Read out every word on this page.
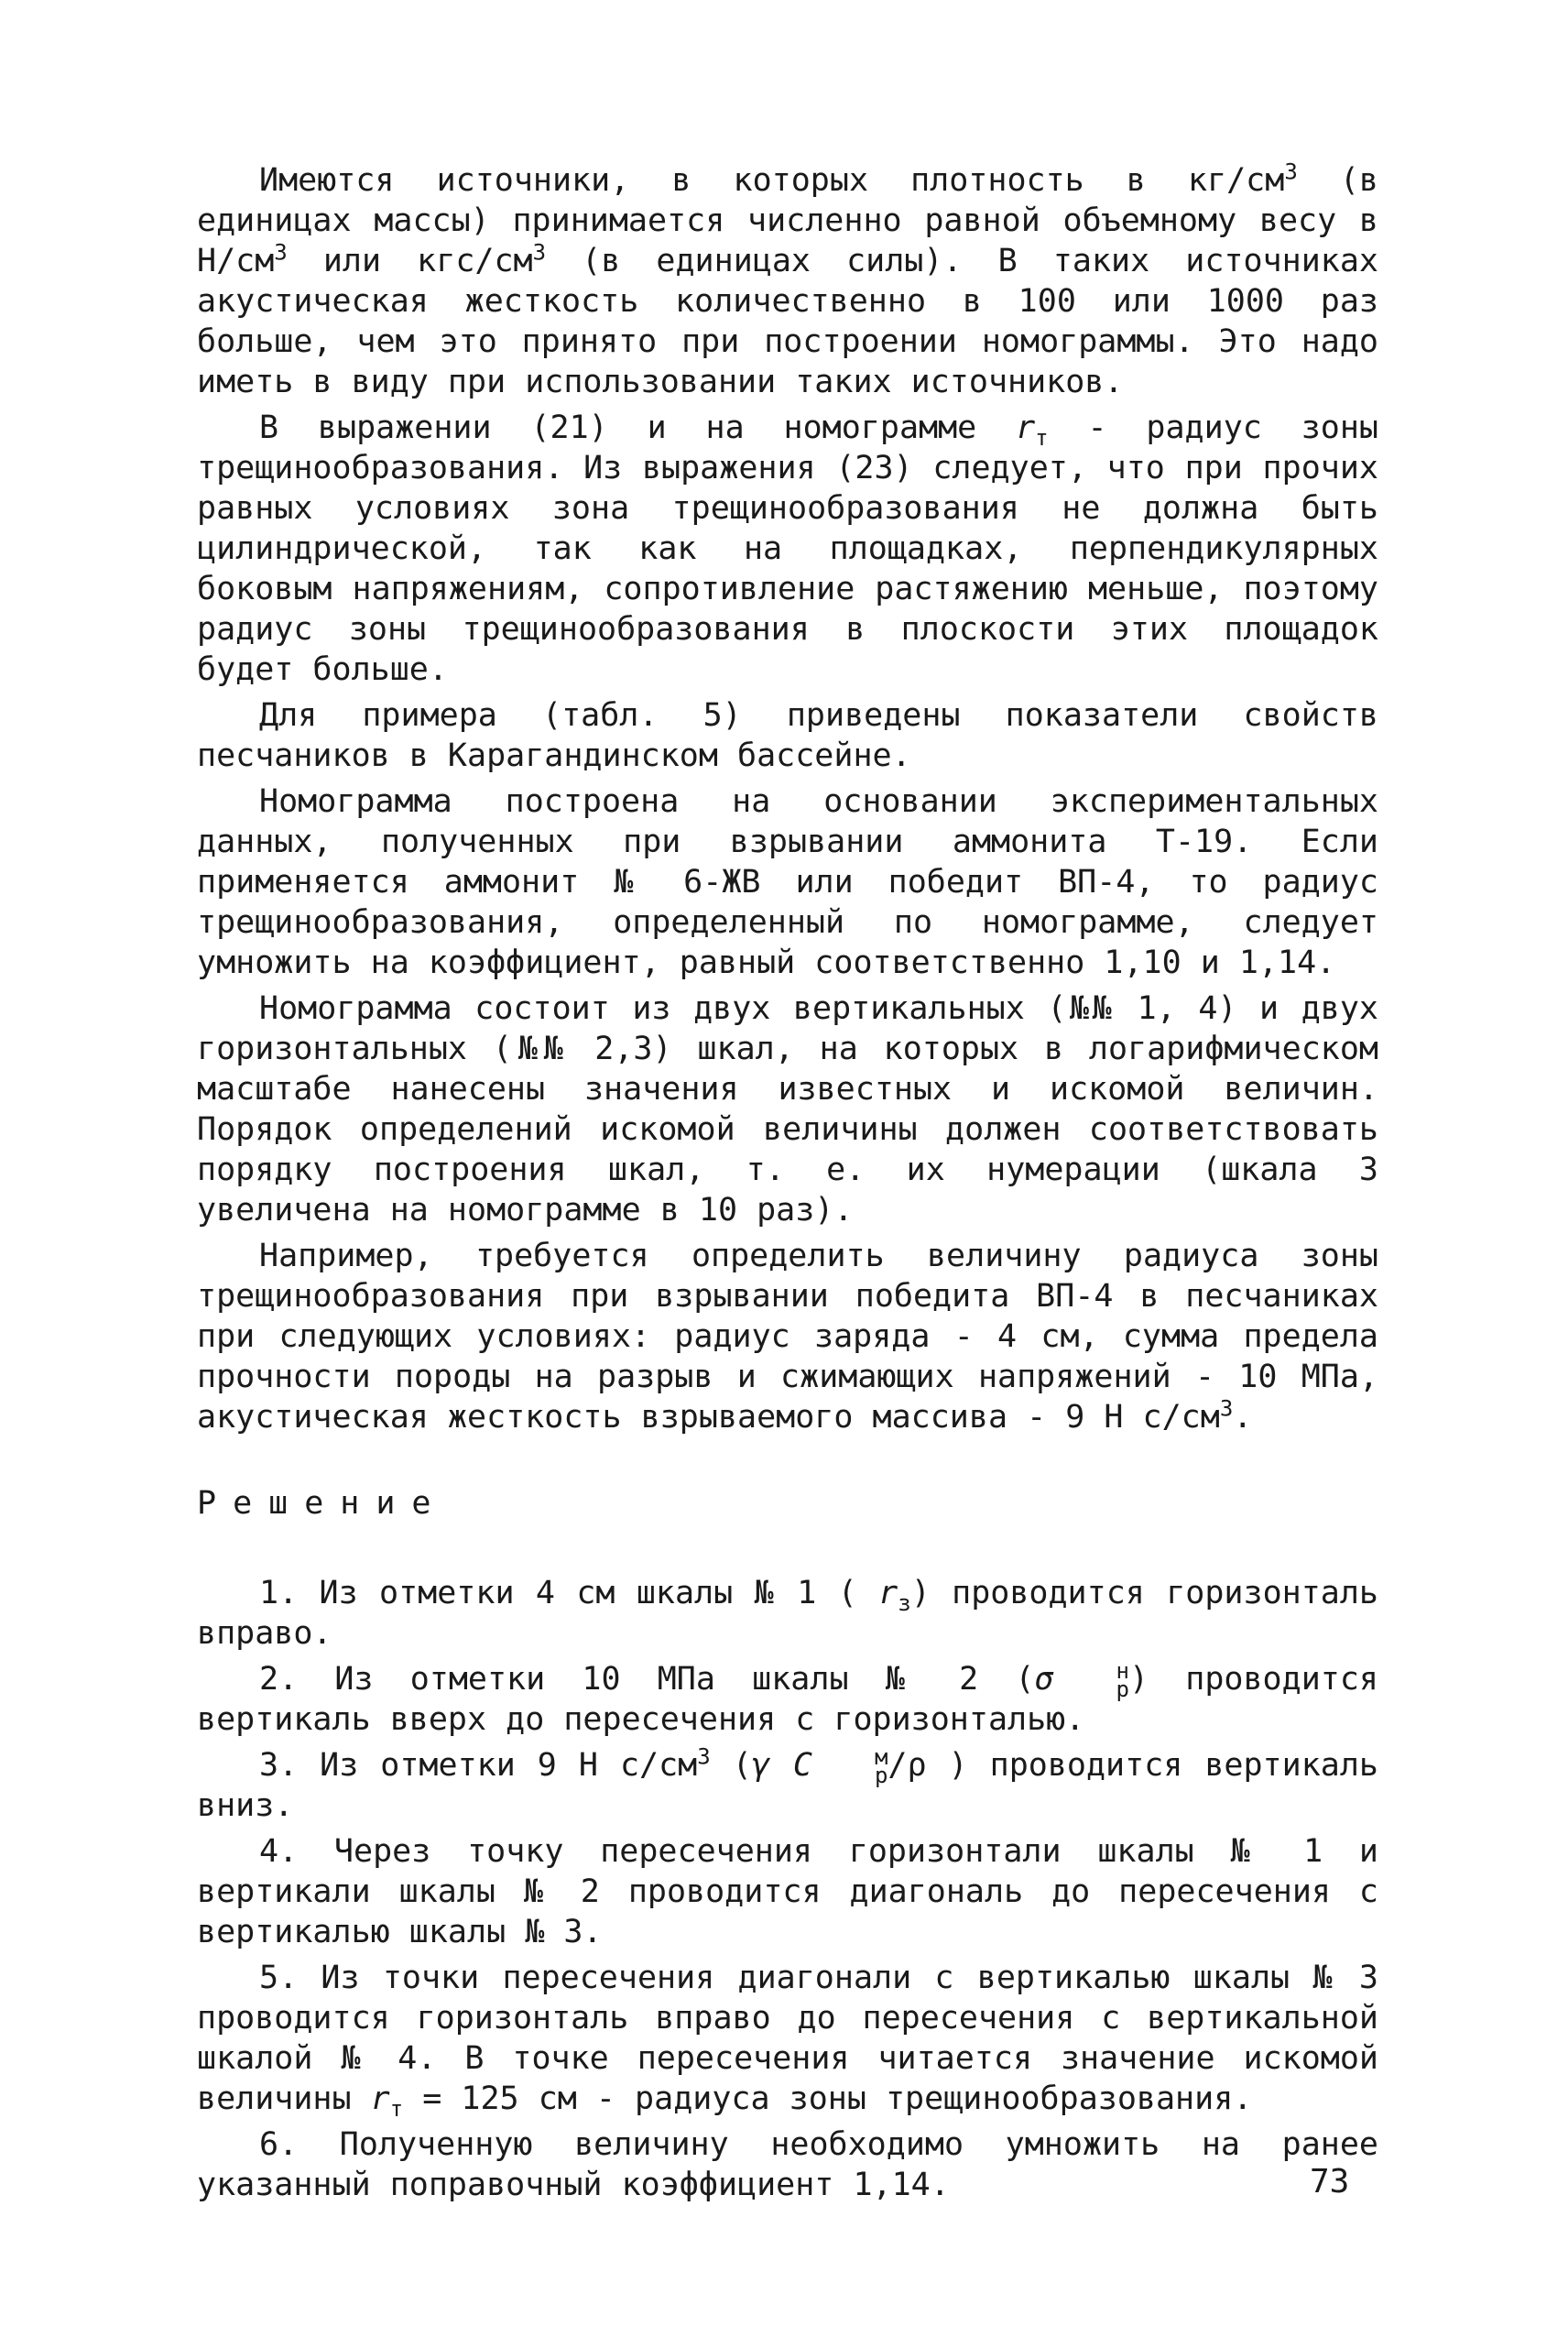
Имеются источники, в которых плотность в $кг/см^3$ (в единицах массы) принимается численно равной объемному весу в $Н/см^3$ или кгс/$см^3$ (в единицах силы). В таких источниках акустическая жесткость количественно в 100 или 1000 раз больше, чем это принято при построении номограммы. Это надо иметь в виду при использовании таких источников.

В выражении (21) и на номограмме $r_т$ - радиус зоны трещинообразования. Из выражения (23) следует, что при прочих равных условиях зона трещинообразования не должна быть цилиндрической, так как на площадках, перпендикулярных боковым напряжениям, сопротивление растяжению меньше, поэтому радиус зоны трещинообразования в плоскости этих площадок будет больше.

Для примера (табл. 5) приведены показатели свойств песчаников в Карагандинском бассейне.

Номограмма построена на основании экспериментальных данных, полученных при взрывании аммонита Т-19. Если применяется аммонит № 6-ЖВ или победит ВП-4, то радиус трещинообразования, определенный по номограмме, следует умножить на коэффициент, равный соответственно 1,10 и 1,14.

Номограмма состоит из двух вертикальных (№№ 1, 4) и двух горизонтальных (№№ 2,3) шкал, на которых в логарифмическом масштабе нанесены значения известных и искомой величин. Порядок определений искомой величины должен соответствовать порядку построения шкал, т. е. их нумерации (шкала 3 увеличена на номограмме в 10 раз).

Например, требуется определить величину радиуса зоны трещинообразования при взрывании победита ВП-4 в песчаниках при следующих условиях: радиус заряда - 4 см, сумма предела прочности породы на разрыв и сжимающих напряжений - 10 МПа, акустическая жесткость взрываемого массива - 9 Н $с/см^3$.

Решение

1. Из отметки 4 см шкалы № 1 ( $r_з$) проводится горизонталь вправо.

2. Из отметки 10 МПа шкалы № 2 (σ	н
р ) проводится вертикаль вверх до пересечения с горизонталью.

3. Из отметки 9 Н $с/см^3$ (γ C	м
р /ρ ) проводится вертикаль вниз.

4. Через точку пересечения горизонтали шкалы № 1 и вертикали шкалы № 2 проводится диагональ до пересечения с вертикалью шкалы № 3.

5. Из точки пересечения диагонали с вертикалью шкалы № 3 проводится горизонталь вправо до пересечения с вертикальной шкалой № 4. В точке пересечения читается значение искомой величины $r_т = 125$ см - радиуса зоны трещинообразования.

6. Полученную величину необходимо умножить на ранее указанный поправочный коэффициент 1,14.	73
